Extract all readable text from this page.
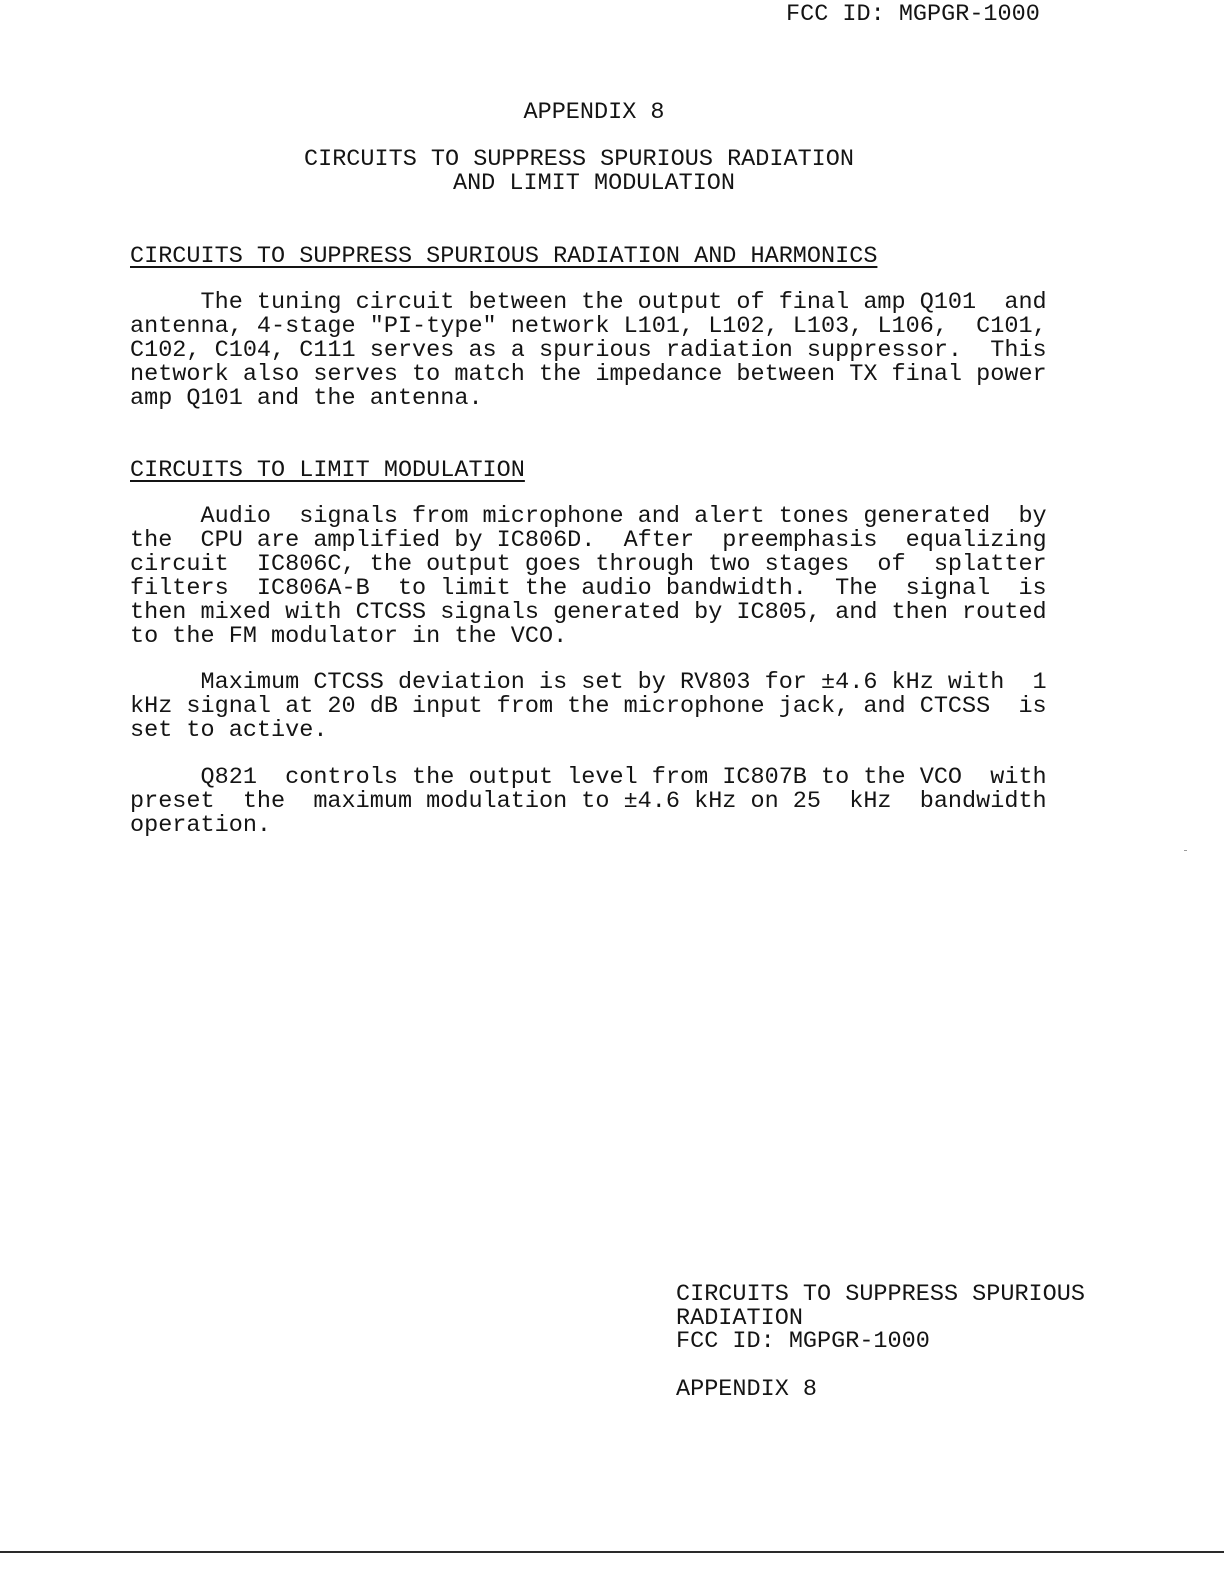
FCC ID: MGPGR-1000
APPENDIX 8
CIRCUITS TO SUPPRESS SPURIOUS RADIATION
AND LIMIT MODULATION
CIRCUITS TO SUPPRESS SPURIOUS RADIATION AND HARMONICS
The tuning circuit between the output of final amp Q101  and
antenna, 4-stage "PI-type" network L101, L102, L103, L106,  C101,
C102, C104, C111 serves as a spurious radiation suppressor.  This
network also serves to match the impedance between TX final power
amp Q101 and the antenna.
CIRCUITS TO LIMIT MODULATION
Audio  signals from microphone and alert tones generated  by
the  CPU are amplified by IC806D.  After  preemphasis  equalizing
circuit  IC806C, the output goes through two stages  of  splatter
filters  IC806A-B  to limit the audio bandwidth.  The  signal  is
then mixed with CTCSS signals generated by IC805, and then routed
to the FM modulator in the VCO.
Maximum CTCSS deviation is set by RV803 for ±4.6 kHz with  1
kHz signal at 20 dB input from the microphone jack, and CTCSS  is
set to active.
Q821  controls the output level from IC807B to the VCO  with
preset  the  maximum modulation to ±4.6 kHz on 25  kHz  bandwidth
operation.
CIRCUITS TO SUPPRESS SPURIOUS
RADIATION
FCC ID: MGPGR-1000
APPENDIX 8
